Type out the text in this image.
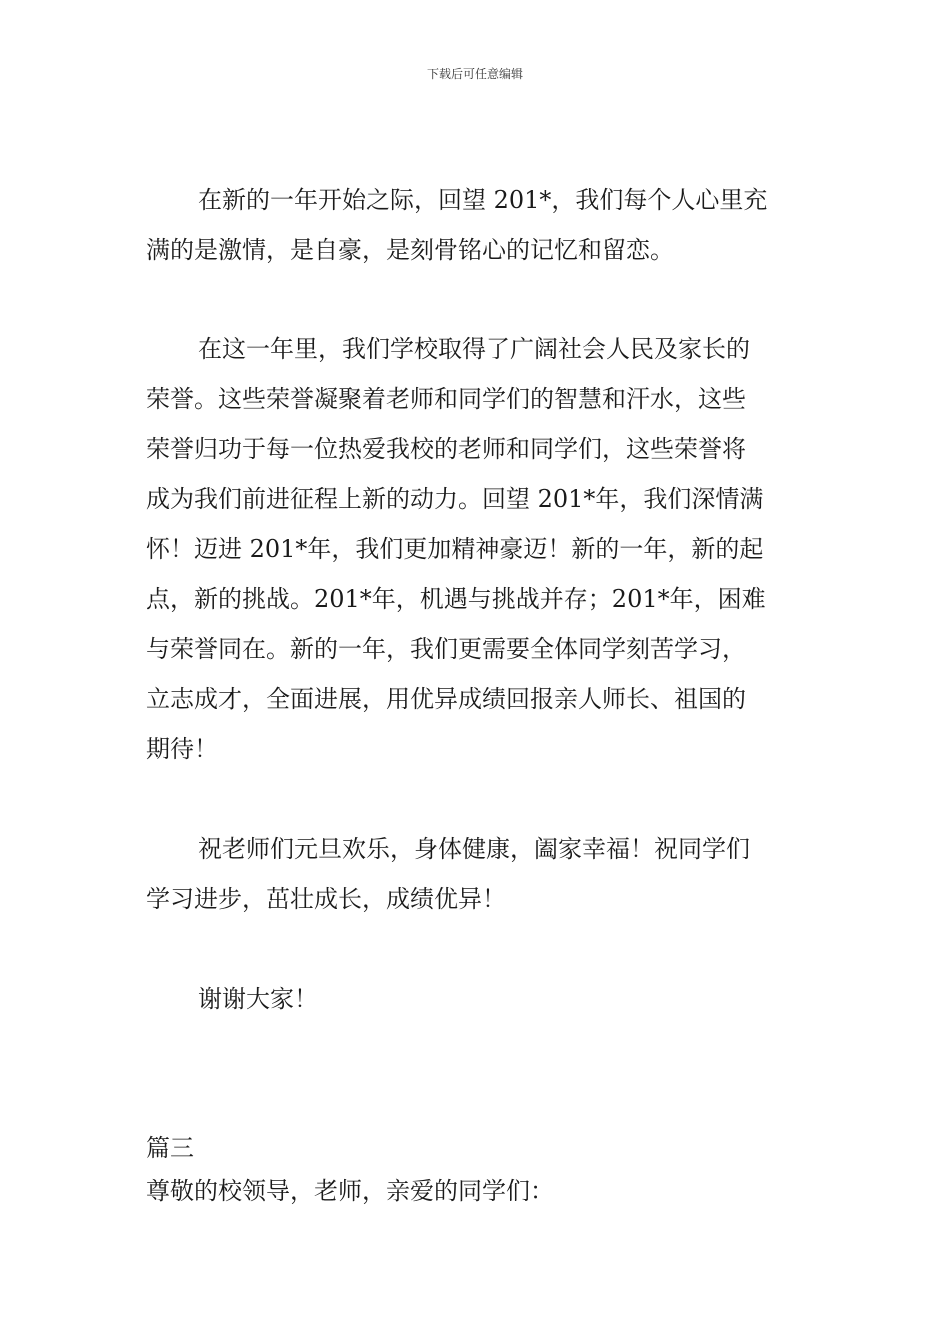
下载后可任意编辑

在新的一年开始之际，回望 201*，我们每个人心里充
满的是激情，是自豪，是刻骨铭心的记忆和留恋。

在这一年里，我们学校取得了广阔社会人民及家长的
荣誉。这些荣誉凝聚着老师和同学们的智慧和汗水，这些
荣誉归功于每一位热爱我校的老师和同学们，这些荣誉将
成为我们前进征程上新的动力。回望 201*年，我们深情满
怀！迈进 201*年，我们更加精神豪迈！新的一年，新的起
点，新的挑战。201*年，机遇与挑战并存；201*年，困难
与荣誉同在。新的一年，我们更需要全体同学刻苦学习，
立志成才，全面进展，用优异成绩回报亲人师长、祖国的
期待！

祝老师们元旦欢乐，身体健康，阖家幸福！祝同学们
学习进步，茁壮成长，成绩优异！

谢谢大家！

篇三

尊敬的校领导，老师，亲爱的同学们：
